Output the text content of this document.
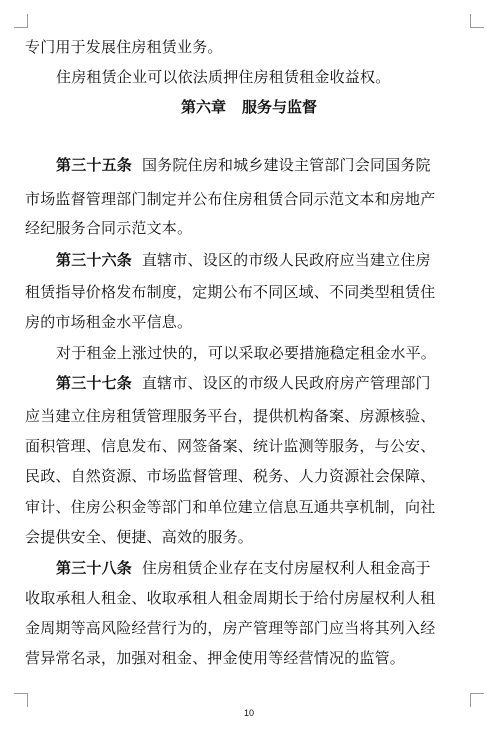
专门用于发展住房租赁业务。
住房租赁企业可以依法质押住房租赁租金收益权。
第六章 服务与监督
第三十五条 国务院住房和城乡建设主管部门会同国务院
市场监督管理部门制定并公布住房租赁合同示范文本和房地产
经纪服务合同示范文本。
第三十六条 直辖市、设区的市级人民政府应当建立住房
租赁指导价格发布制度，定期公布不同区域、不同类型租赁住
房的市场租金水平信息。
对于租金上涨过快的，可以采取必要措施稳定租金水平。
第三十七条 直辖市、设区的市级人民政府房产管理部门
应当建立住房租赁管理服务平台，提供机构备案、房源核验、
面积管理、信息发布、网签备案、统计监测等服务，与公安、
民政、自然资源、市场监督管理、税务、人力资源社会保障、
审计、住房公积金等部门和单位建立信息互通共享机制，向社
会提供安全、便捷、高效的服务。
第三十八条 住房租赁企业存在支付房屋权利人租金高于
收取承租人租金、收取承租人租金周期长于给付房屋权利人租
金周期等高风险经营行为的，房产管理等部门应当将其列入经
营异常名录，加强对租金、押金使用等经营情况的监管。
10
